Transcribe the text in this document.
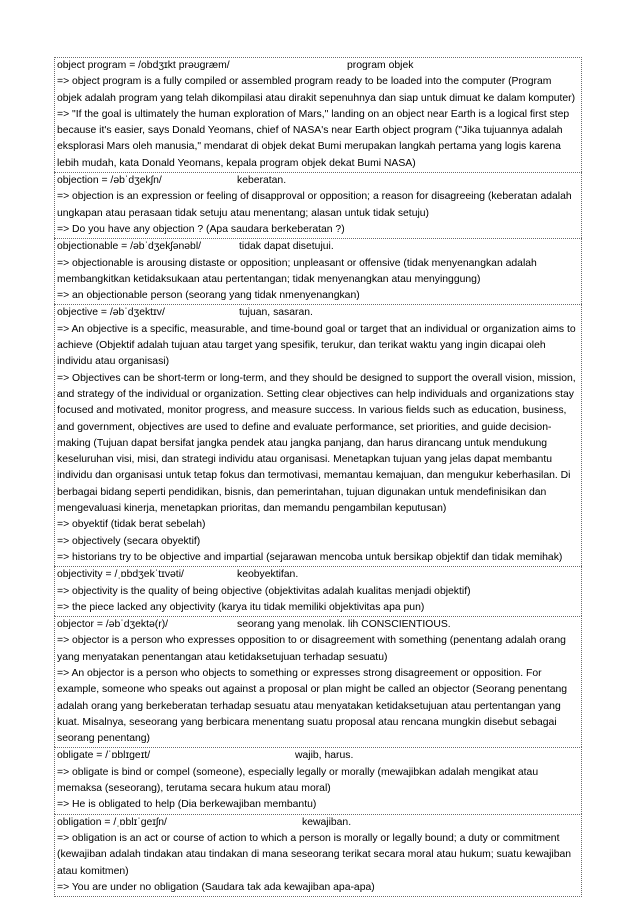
object program = /obdʒɪkt prəʊɡræm/	program objek

=> object program is a fully compiled or assembled program ready to be loaded into the computer (Program objek adalah program yang telah dikompilasi atau dirakit sepenuhnya dan siap untuk dimuat ke dalam komputer)

=> "If the goal is ultimately the human exploration of Mars," landing on an object near Earth is a logical first step because it's easier, says Donald Yeomans, chief of NASA's near Earth object program ("Jika tujuannya adalah eksplorasi Mars oleh manusia," mendarat di objek dekat Bumi merupakan langkah pertama yang logis karena lebih mudah, kata Donald Yeomans, kepala program objek dekat Bumi NASA)

objection = /əbˈdʒekʃn/	keberatan.

=> objection is an expression or feeling of disapproval or opposition; a reason for disagreeing (keberatan adalah ungkapan atau perasaan tidak setuju atau menentang; alasan untuk tidak setuju)

=> Do you have any objection ? (Apa saudara berkeberatan ?)

objectionable = /əbˈdʒekʃənəbl/	tidak dapat disetujui.

=> objectionable is arousing distaste or opposition; unpleasant or offensive (tidak menyenangkan adalah membangkitkan ketidaksukaan atau pertentangan; tidak menyenangkan atau menyinggung)

=> an objectionable person (seorang yang tidak nmenyenangkan)

objective = /əbˈdʒektɪv/	tujuan, sasaran.

=> An objective is a specific, measurable, and time-bound goal or target that an individual or organization aims to achieve (Objektif adalah tujuan atau target yang spesifik, terukur, dan terikat waktu yang ingin dicapai oleh individu atau organisasi)

=> Objectives can be short-term or long-term, and they should be designed to support the overall vision, mission, and strategy of the individual or organization. Setting clear objectives can help individuals and organizations stay focused and motivated, monitor progress, and measure success. In various fields such as education, business, and government, objectives are used to define and evaluate performance, set priorities, and guide decision-making (Tujuan dapat bersifat jangka pendek atau jangka panjang, dan harus dirancang untuk mendukung keseluruhan visi, misi, dan strategi individu atau organisasi. Menetapkan tujuan yang jelas dapat membantu individu dan organisasi untuk tetap fokus dan termotivasi, memantau kemajuan, dan mengukur keberhasilan. Di berbagai bidang seperti pendidikan, bisnis, dan pemerintahan, tujuan digunakan untuk mendefinisikan dan mengevaluasi kinerja, menetapkan prioritas, dan memandu pengambilan keputusan)

=> obyektif (tidak berat sebelah)

=> objectively (secara obyektif)

=> historians try to be objective and impartial (sejarawan mencoba untuk bersikap objektif dan tidak memihak)

objectivity = /ˌɒbdʒekˈtɪvəti/	keobyektifan.

=> objectivity is the quality of being objective (objektivitas adalah kualitas menjadi objektif)

=> the piece lacked any objectivity (karya itu tidak memiliki objektivitas apa pun)

objector = /əbˈdʒektə(r)/	seorang yang menolak. lih CONSCIENTIOUS.

=> objector is a person who expresses opposition to or disagreement with something (penentang adalah orang yang menyatakan penentangan atau ketidaksetujuan terhadap sesuatu)

=> An objector is a person who objects to something or expresses strong disagreement or opposition. For example, someone who speaks out against a proposal or plan might be called an objector (Seorang penentang adalah orang yang berkeberatan terhadap sesuatu atau menyatakan ketidaksetujuan atau pertentangan yang kuat. Misalnya, seseorang yang berbicara menentang suatu proposal atau rencana mungkin disebut sebagai seorang penentang)

obligate = /ˈɒblɪɡeɪt/	wajib, harus.

=> obligate is bind or compel (someone), especially legally or morally (mewajibkan adalah mengikat atau memaksa (seseorang), terutama secara hukum atau moral)

=> He is obligated to help (Dia berkewajiban membantu)

obligation = /ˌɒblɪˈɡeɪʃn/	kewajiban.

=> obligation is an act or course of action to which a person is morally or legally bound; a duty or commitment (kewajiban adalah tindakan atau tindakan di mana seseorang terikat secara moral atau hukum; suatu kewajiban atau komitmen)

=> You are under no obligation (Saudara tak ada kewajiban apa-apa)
